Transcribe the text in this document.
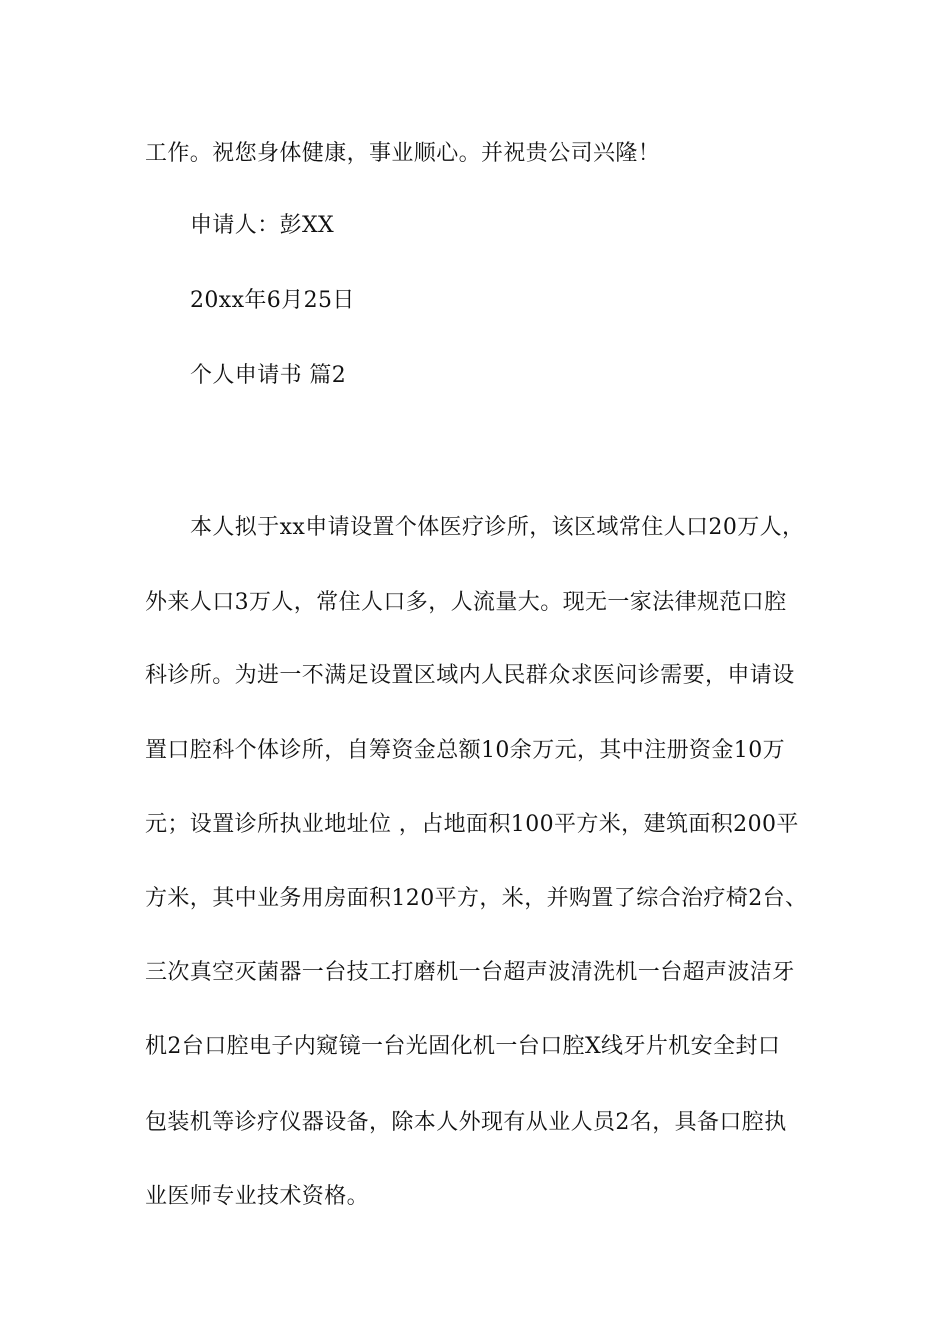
工作。祝您身体健康，事业顺心。并祝贵公司兴隆！
申请人：彭XX
20xx年6月25日
个人申请书 篇2
本人拟于xx申请设置个体医疗诊所，该区域常住人口20万人，
外来人口3万人，常住人口多，人流量大。现无一家法律规范口腔
科诊所。为进一不满足设置区域内人民群众求医问诊需要，申请设
置口腔科个体诊所，自筹资金总额10余万元，其中注册资金10万
元；设置诊所执业地址位 ，占地面积100平方米，建筑面积200平
方米，其中业务用房面积120平方，米，并购置了综合治疗椅2台、
三次真空灭菌器一台技工打磨机一台超声波清洗机一台超声波洁牙
机2台口腔电子内窥镜一台光固化机一台口腔X线牙片机安全封口
包装机等诊疗仪器设备，除本人外现有从业人员2名，具备口腔执
业医师专业技术资格。
